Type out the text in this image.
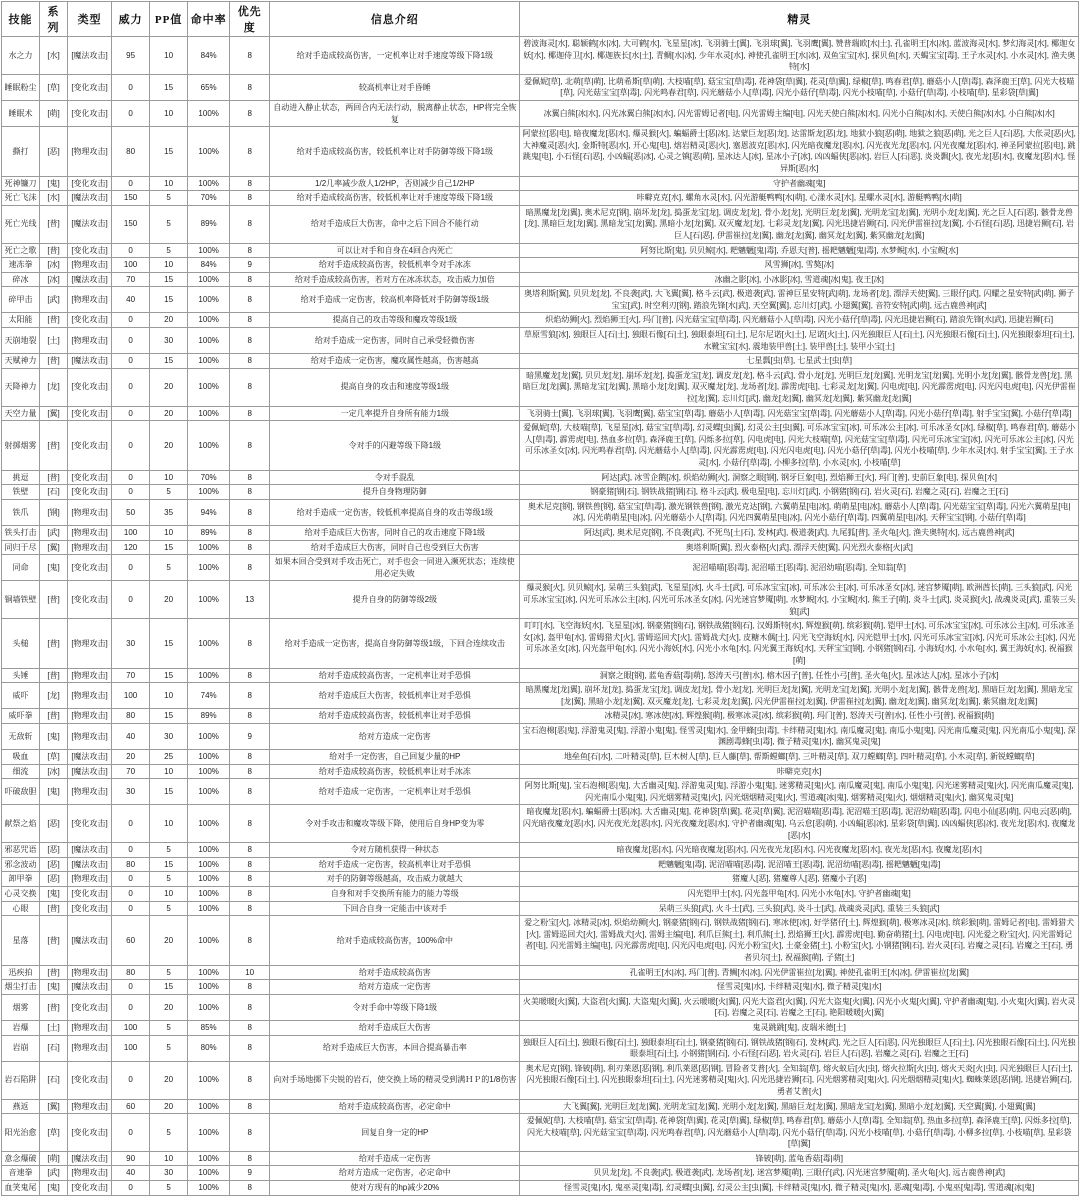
技能	系列	类型	威力	PP值	命中率	优先度	信息介绍	精灵
水之力	[水]	[魔法攻击]	95	10	84%	8	给对手造成较高伤害，一定机率让对手速度等级下降1级	碧波海灵[水], 聪颖鹤[水|冰], 大可鹤[水], 飞星星[冰], 飞羽骑士[翼], 飞羽球[翼], 飞羽鹰[翼], 赞普瑞欧[水|土], 孔雀明王[水|冰], 蓝波海灵[水], 梦幻海灵[水], 椰迦女妖[水], 椰迦侍卫[水], 椰迦族长[水|土], 青鲷[水|冰], 少年水灵[水], 神使孔雀明王[水|冰], 双鱼宝宝[水], 探贝鱼[水], 天蝎宝宝[毒], 王子水灵[水], 小水灵[水], 渔夫奥特[水]
睡眠粉尘	[草]	[变化攻击]	0	15	65%	8	较高机率让对手昏睡	爱佩妮[草], 北萌[草|萌], 比萌希斯[草|萌], 大枝喵[草], 菇宝宝[草|毒], 花神袋[草|翼], 花灵[草|翼], 绿椒[草], 鸣春君[草], 蘑菇小人[草|毒], 森泽鹿王[草], 闪光大枝喵[草], 闪光菇宝宝[草|毒], 闪光鸣春君[草], 闪光蘑菇小人[草|毒], 闪光小菇仔[草|毒], 闪光小枝喵[草], 小菇仔[草|毒], 小枝喵[草], 星彩袋[草|翼]
睡眠术	[萌]	[变化攻击]	0	10	100%	8	自动进入静止状态，两回合内无法行动，脱离静止状态，HP将完全恢复	冰翼白熊[冰|水], 闪光冰翼白熊[冰|水], 闪光雷姆记者[电], 闪光雷姆主编[电], 闪光天使白熊[冰|水], 闪光小白熊[冰|水], 天使白熊[冰|水], 小白熊[冰|水]
撕打	[恶]	[物理攻击]	80	15	100%	8	给对手造成较高伤害，较低机率让对手防御等级下降1级	阿蒙拉[恶|电], 暗夜魔龙[恶|水], 爆灵猴[火], 蝙蝠爵士[恶|冰], 达蒙巨龙[恶|龙], 达雷斯龙[恶|龙], 地狱小狼[恶|萌], 地狱之狼[恶|萌], 光之巨人[石|恶], 大伥灵[恶|火], 大神魔灵[恶|火], 金斯特[恶|水], 开心鬼[电], 熔岩精灵[恶|火], 塞恩波克[恶|水], 闪光暗夜魔龙[恶|水], 闪光夜光龙[恶|水], 闪光夜魔龙[恶|水], 神圣阿蒙拉[恶|电], 跳跳鬼[电], 小石怪[石|恶], 小凶蝠[恶|冰], 心灵之镇[恶|萌], 星冰达人[冰], 星冰小子[冰], 凶凶蝠侠[恶|冰], 岩巨人[石|恶], 炎炎飘[火], 夜光龙[恶|水], 夜魔龙[恶|水], 怪异斯[恶|水]
死神镰刀	[鬼]	[变化攻击]	0	10	100%	8	1/2几率减少敌人1/2HP，否则减少自己1/2HP	守护者幽魂[鬼]
死亡飞沫	[水]	[魔法攻击]	150	5	70%	8	给对手造成较高伤害，较低机率让对手速度等级下降1级	咔噼克克[水], 螺角水灵[水], 闪光游艇鸭鸭[水|萌], 心漾水灵[水], 星螺水灵[水], 游艇鸭鸭[水|萌]
死亡光线	[普]	[魔法攻击]	150	5	89%	8	给对手造成巨大伤害，命中之后下回合不能行动	暗黑魔龙[龙|翼], 奥术尼克[钢], 崩坏龙[龙], 捣蛋龙宝[龙], 调皮龙[龙], 骨小龙[龙], 光明巨龙[龙|翼], 光明龙宝[龙|翼], 光明小龙[龙|翼], 光之巨人[石|恶], 骸骨龙兽[龙], 黑暗巨龙[龙|翼], 黑暗龙宝[龙|翼], 黑暗小龙[龙|翼], 双灭魔龙[龙], 七彩灵龙[龙|翼], 闪光迅捷岩狮[石], 闪光伊雷崔拉[龙|翼], 小石怪[石|恶], 迅捷岩狮[石], 岩巨人[石|恶], 伊雷崔拉[龙|翼], 幽龙[龙|翼], 幽冥龙[龙|翼], 紫冥幽龙[龙|翼]
死亡之歌	[普]	[变化攻击]	0	5	100%	8	可以让对手和自身在4回合内死亡	阿努比斯[鬼], 贝贝鲸[水], 耙魑魉[鬼|毒], 乔恩夫[普], 摇耙魑魉[鬼|毒], 水梦鲵[水], 小宝鲵[水]
速冻拳	[冰]	[物理攻击]	100	10	84%	9	给对手造成较高伤害，较低机率令对手冰冻	风雪狮[冰], 雪獒[冰]
碎冰	[冰]	[魔法攻击]	70	15	100%	8	给对手造成较高伤害，若对方在冰冻状态，攻击威力加倍	冰幽之影[冰], 小冰影[冰], 雪道魂[冰|鬼], 夜王[冰]
碎甲击	[武]	[物理攻击]	40	15	100%	8	给对手造成一定伤害，较高机率降低对手防御等级1级	奥塔利斯[翼], 贝贝龙[龙], 不良袭[武], 大飞翼[翼], 格斗云[武], 极道袭[武], 雷神巨星安特[武|萌], 龙场者[龙], 漂浮天使[翼], 三眼仔[武], 闪耀之星安特[武|萌], 狮子宝宝[武], 时空利刃[钢], 踏浪先锋[水|武], 天空翼[翼], 忘川灯[武], 小翅翼[翼], 音符安特[武|萌], 远古鹿兽神[武]
太阳能	[普]	[变化攻击]	0	20	100%	8	提高自己的攻击等级和魔攻等级1级	炽焰幼狮[火], 烈焰狮王[火], 玛门[普], 闪光菇宝宝[草|毒], 闪光蘑菇小人[草|毒], 闪光小菇仔[草|毒], 闪光迅捷岩狮[石], 踏浪先锋[水|武], 迅捷岩狮[石]
天崩地裂	[土]	[物理攻击]	0	30	100%	8	给对手造成一定伤害，同时自己承受轻微伤害	草原雪狼[冰], 独眼巨人[石|土], 独眼石像[石|土], 独眼泰坦[石|土], 尼尔尼诺[火|土], 尼诺[火|土], 闪光独眼巨人[石|土], 闪光独眼石像[石|土], 闪光独眼泰坦[石|土], 水靴宝宝[水], 震地装甲兽[土], 装甲兽[土], 装甲小宝[土]
天赋神力	[普]	[魔法攻击]	0	15	100%	8	给对手造成一定伤害，魔攻属性越高，伤害越高	七星瓢[虫|草], 七星武士[虫|草]
天降神力	[龙]	[变化攻击]	0	20	100%	8	提高自身的攻击和速度等级1级	暗黑魔龙[龙|翼], 贝贝龙[龙], 崩坏龙[龙], 捣蛋龙宝[龙], 调皮龙[龙], 格斗云[武], 骨小龙[龙], 光明巨龙[龙|翼], 光明龙宝[龙|翼], 光明小龙[龙|翼], 骸骨龙兽[龙], 黑暗巨龙[龙|翼], 黑暗龙宝[龙|翼], 黑暗小龙[龙|翼], 双灭魔龙[龙], 龙场者[龙], 霹雳虎[电], 七彩灵龙[龙|翼], 闪电虎[电], 闪光霹雳虎[电], 闪光闪电虎[电], 闪光伊雷崔拉[龙|翼], 忘川灯[武], 幽龙[龙|翼], 幽冥龙[龙|翼], 紫冥幽龙[龙|翼]
天空力量	[翼]	[变化攻击]	0	20	100%	8	一定几率提升自身所有能力1级	飞羽骑士[翼], 飞羽球[翼], 飞羽鹰[翼], 菇宝宝[草|毒], 蘑菇小人[草|毒], 闪光菇宝宝[草|毒], 闪光蘑菇小人[草|毒], 闪光小菇仔[草|毒], 射手宝宝[翼], 小菇仔[草|毒]
射掷烟雾	[普]	[变化攻击]	0	20	100%	8	令对手的闪避等级下降1级	爱佩妮[草], 大枝喵[草], 飞星星[冰], 菇宝宝[草|毒], 幻灵蝶[虫|翼], 幻灵公主[虫|翼], 可乐冰宝宝[冰], 可乐冰公主[冰], 可乐冰圣女[冰], 绿椒[草], 鸣春君[草], 蘑菇小人[草|毒], 霹雳虎[电], 热血多拉[草], 森泽鹿王[草], 闪烁多拉[草], 闪电虎[电], 闪光大枝喵[草], 闪光菇宝宝[草|毒], 闪光可乐冰宝宝[冰], 闪光可乐冰公主[冰], 闪光可乐冰圣女[冰], 闪光鸣春君[草], 闪光蘑菇小人[草|毒], 闪光霹雳虎[电], 闪光闪电虎[电], 闪光小菇仔[草|毒], 闪光小枝喵[草], 少年水灵[水], 射手宝宝[翼], 王子水灵[水], 小菇仔[草|毒], 小柳多拉[草], 小水灵[水], 小枝喵[草]
挑逗	[普]	[变化攻击]	0	10	70%	8	令对手混乱	阿达[武], 冰雪企鹅[冰], 炽焰幼狮[火], 洞察之眼[钢], 钢牙巨象[电], 烈焰狮王[火], 玛门[普], 史前巨象[电], 探贝鱼[水]
铁壁	[石]	[变化攻击]	0	5	100%	8	提升自身物理防御	钢豪猪[钢|石], 钢铁战猪[钢|石], 格斗云[武], 极电星[电], 忘川灯[武], 小钢猪[钢|石], 岩火灵[石], 岩魔之灵[石], 岩魔之王[石]
铁爪	[钢]	[物理攻击]	50	35	94%	8	给对手造成一定伤害，较低机率提高自身的攻击等级1级	奥术尼克[钢], 钢铁兽[钢], 菇宝宝[草|毒], 激光钢铁兽[钢], 激光克达[钢], 六翼萌星[电|冰], 萌萌星[电|冰], 蘑菇小人[草|毒], 闪光菇宝宝[草|毒], 闪光六翼萌星[电|冰], 闪光萌萌星[电|冰], 闪光蘑菇小人[草|毒], 闪光四翼萌星[电|冰], 闪光小菇仔[草|毒], 四翼萌星[电|冰], 天秤宝宝[钢], 小菇仔[草|毒]
铁头打击	[武]	[物理攻击]	100	10	89%	8	给对手造成巨大伤害，同时自己的攻击速度下降1级	阿达[武], 奥术尼克[钢], 不良袭[武], 不死鸟[土|石], 发林[武], 极道袭[武], 九尾狐[普], 圣火龟[火], 渔夫奥特[水], 远古鹿兽神[武]
同归于尽	[翼]	[物理攻击]	120	15	100%	8	给对手造成巨大伤害，同时自己也受到巨大伤害	奥塔利斯[翼], 烈火泰格[火|武], 漂浮天使[翼], 闪光烈火泰格[火|武]
同命	[鬼]	[变化攻击]	0	5	100%	8	如果本回合受到对手攻击死亡，对手也会一同进入濒死状态；连续使用必定失败	泥沼喵喵[恶|毒], 泥沼喵王[恶|毒], 泥沼幼喵[恶|毒], 全知翁[草]
铜墙铁壁	[普]	[变化攻击]	0	20	100%	13	提升自身的防御等级2级	爆灵猴[火], 贝贝鲸[水], 呆萌三头狼[武], 飞星星[冰], 火斗士[武], 可乐冰宝宝[冰], 可乐冰公主[冰], 可乐冰圣女[冰], 迷宫梦魇[萌], 欧洲酋长[萌], 三头狼[武], 闪光可乐冰宝宝[冰], 闪光可乐冰公主[冰], 闪光可乐冰圣女[冰], 闪光迷宫梦魇[萌], 水梦鲵[水], 小宝鲵[水], 熊王子[萌], 炎斗士[武], 炎灵猴[火], 战魂炎灵[武], 重装三头狼[武]
头槌	[普]	[物理攻击]	30	15	100%	8	给对手造成一定伤害，提高自身防御等级1级，下回合连续攻击	叮叮[水], 飞空海妖[水], 飞星星[冰], 钢豪猪[钢|石], 钢铁战猪[钢|石], 汉姆斯特[水], 辉煌猴[萌], 缤彩猴[萌], 铠甲士[水], 可乐冰宝宝[冰], 可乐冰公主[冰], 可乐冰圣女[冰], 盔甲龟[水], 雷姆猎犬[火], 雷姆巡回犬[火], 雷姆战犬[火], 皮糖木偶[土], 闪光飞空海妖[水], 闪光铠甲士[水], 闪光可乐冰宝宝[冰], 闪光可乐冰公主[冰], 闪光可乐冰圣女[冰], 闪光盔甲龟[水], 闪光小海妖[水], 闪光小水龟[水], 闪光翼王海妖[水], 天秤宝宝[钢], 小钢猪[钢|石], 小海妖[水], 小水龟[水], 翼王海妖[水], 祝福猴[萌]
头锤	[普]	[物理攻击]	70	15	100%	8	给对手造成较高伤害，一定机率让对手恐惧	洞察之眼[钢], 蓝龟香菇[毒|萌], 怒涛天弓[普|水], 榕木因子[普], 任性小弓[普], 圣火龟[火], 星冰达人[冰], 星冰小子[冰]
威吓	[龙]	[物理攻击]	100	10	74%	8	给对手造成巨大伤害，较低机率让对手恐惧	暗黑魔龙[龙|翼], 崩坏龙[龙], 捣蛋龙宝[龙], 调皮龙[龙], 骨小龙[龙], 光明巨龙[龙|翼], 光明龙宝[龙|翼], 光明小龙[龙|翼], 骸骨龙兽[龙], 黑暗巨龙[龙|翼], 黑暗龙宝[龙|翼], 黑暗小龙[龙|翼], 双灭魔龙[龙], 七彩灵龙[龙|翼], 闪光伊雷崔拉[龙|翼], 伊雷崔拉[龙|翼], 幽龙[龙|翼], 幽冥龙[龙|翼], 紫冥幽龙[龙|翼]
威吓拳	[普]	[物理攻击]	80	15	89%	8	给对手造成较高伤害，较低机率让对手恐惧	冰精灵[冰], 寒冰使[冰], 辉煌猴[萌], 极寒冰灵[冰], 缤彩猴[萌], 玛门[普], 怒涛天弓[普|水], 任性小弓[普], 祝福猴[萌]
无敌斩	[鬼]	[物理攻击]	40	30	100%	9	给对方造成一定伤害	宝石泡棉[恶|鬼], 浮游鬼灵[鬼], 浮游小鬼[鬼], 怪雪灵[鬼|水], 金甲蜂[虫|毒], 卡绊精灵[鬼|水], 南瓜魔灵[鬼], 南瓜小鬼[鬼], 闪光南瓜魔灵[鬼], 闪光南瓜小鬼[鬼], 深渊剧毒蜂[虫|毒], 微子精灵[鬼|水], 幽冥鬼灵[鬼]
吸血	[草]	[魔法攻击]	20	25	100%	8	给对手一定伤害，自己回复少量的HP	地垒鱼[石|水], 二叶精灵[草], 巨木树人[草], 巨人藤[草], 帮斯螳螂[草], 三叶精灵[草], 双刀螳螂[草], 四叶精灵[草], 小木灵[草], 新锐螳螂[草]
细流	[冰]	[魔法攻击]	70	10	100%	8	给对手造成较高伤害，较低机率让对手冰冻	咔噼克克[水]
吓破敌胆	[鬼]	[物理攻击]	30	15	100%	8	给对手造成一定伤害，一定机率让对手恐惧	阿努比斯[鬼], 宝石泡棉[恶|鬼], 大舌幽灵[鬼], 浮游鬼灵[鬼], 浮游小鬼[鬼], 迷雾精灵[鬼|火], 南瓜魔灵[鬼], 南瓜小鬼[鬼], 闪光迷雾精灵[鬼|火], 闪光南瓜魔灵[鬼], 闪光南瓜小鬼[鬼], 闪光烟雾精灵[鬼|火], 闪光烟烟精灵[鬼|火], 雪道魂[冰|鬼], 烟雾精灵[鬼|火], 烟烟精灵[鬼|火], 幽冥鬼灵[鬼]
献祭之焰	[恶]	[变化攻击]	0	10	100%	8	令对手攻击和魔攻等级下降，使用后自身HP变为零	暗夜魔龙[恶|水], 蝙蝠爵士[恶|冰], 大舌幽灵[鬼], 花神袋[草|翼], 花灵[草|翼], 泥沼喵喵[恶|毒], 泥沼喵王[恶|毒], 泥沼幼喵[恶|毒], 闪电小仙[恶|萌], 闪电云[恶|萌], 闪光暗夜魔龙[恶|水], 闪光夜光龙[恶|水], 闪光夜魔龙[恶|水], 守护者幽魂[鬼], 乌云怠[恶|萌], 小凶蝠[恶|冰], 星彩袋[草|翼], 凶凶蝠侠[恶|冰], 夜光龙[恶|水], 夜魔龙[恶|水]
邪恶咒语	[恶]	[魔法攻击]	0	5	100%	8	令对方随机获得一种状态	暗夜魔龙[恶|水], 闪光暗夜魔龙[恶|水], 闪光夜光龙[恶|水], 闪光夜魔龙[恶|水], 夜光龙[恶|水], 夜魔龙[恶|水]
邪念波动	[恶]	[魔法攻击]	80	15	100%	8	给对手造成一定伤害，较高机率让对手恐惧	耙魑魉[鬼|毒], 泥沼喵喵[恶|毒], 泥沼喵王[恶|毒], 泥沼幼喵[恶|毒], 摇耙魑魉[鬼|毒]
卸甲拳	[恶]	[物理攻击]	0	5	100%	8	对手的防御等级越高，攻击威力就越大	猪魔人[恶], 猪魔尊人[恶], 猪魔小子[恶]
心灵交换	[鬼]	[变化攻击]	0	10	100%	8	自身和对手交换所有能力的能力等级	闪光铠甲士[水], 闪光盔甲龟[水], 闪光小水龟[水], 守护者幽魂[鬼]
心眼	[普]	[变化攻击]	0	5	100%	8	下回合自身一定能击中该对手	呆萌三头狼[武], 火斗士[武], 三头狼[武], 炎斗士[武], 战魂炎灵[武], 重装三头狼[武]
星落	[普]	[魔法攻击]	60	20	100%	8	给对手造成较高伤害，100%命中	爱之粉宝[火], 冰精灵[冰], 炽焰幼狮[火], 钢豪猪[钢|石], 钢铁战猪[钢|石], 寒冰使[冰], 好学猪仔[土], 辉煌猴[萌], 极寒冰灵[冰], 缤彩猴[萌], 雷姆记者[电], 雷姆猎犬[火], 雷姆巡回犬[火], 雷姆战犬[火], 雷姆主编[电], 利爪巨熊[土], 利爪熊[土], 烈焰狮王[火], 霹雳虎[电], 勤奋萌猪[土], 闪电虎[电], 闪光爱之粉宝[火], 闪光雷姆记者[电], 闪光雷姆主编[电], 闪光霹雳虎[电], 闪光闪电虎[电], 闪光小粉宝[火], 土豪金猪[土], 小粉宝[火], 小钢猪[钢|石], 岩火灵[石], 岩魔之灵[石], 岩魔之王[石], 勇者贝尔[土], 祝福猴[萌], 子猪[土]
迅疾拍	[普]	[物理攻击]	80	5	100%	10	给对手造成较高伤害	孔雀明王[水|冰], 玛门[普], 青鲷[水|冰], 闪光伊雷崔拉[龙|翼], 神使孔雀明王[水|冰], 伊雷崔拉[龙|翼]
烟尘打击	[鬼]	[魔法攻击]	0	15	100%	8	给对方造成一定伤害	怪雪灵[鬼|水], 卡绊精灵[鬼|水], 微子精灵[鬼|水]
烟雾	[普]	[变化攻击]	0	20	100%	8	令对手命中等级下降1级	火美暖暖[火|翼], 大盗君[火|翼], 大盗鬼[火|翼], 火云暖暖[火|翼], 闪光大盗君[火|翼], 闪光大盗鬼[火|翼], 闪光小火鬼[火|翼], 守护者幽魂[鬼], 小火鬼[火|翼], 岩火灵[石], 岩魔之灵[石], 岩魔之王[石], 艳阳暖暖[火|翼]
岩爆	[土]	[物理攻击]	100	5	85%	8	给对手造成巨大伤害	鬼灵跳跳[鬼], 皮瑞米德[土]
岩崩	[石]	[物理攻击]	100	5	80%	8	给对手造成巨大伤害，本回合提高暴击率	独眼巨人[石|土], 独眼石像[石|土], 独眼泰坦[石|土], 钢豪猪[钢|石], 钢铁战猪[钢|石], 发林[武], 光之巨人[石|恶], 闪光独眼巨人[石|土], 闪光独眼石像[石|土], 闪光独眼泰坦[石|土], 小钢猪[钢|石], 小石怪[石|恶], 岩火灵[石], 岩巨人[石|恶], 岩魔之灵[石], 岩魔之王[石]
岩石陷阱	[石]	[变化攻击]	0	20	100%	8	向对手场地掷下尖锐的岩石，使交换上场的精灵受到满ＨＰ的1/8伤害	奥术尼克[钢], 锋铍[萌], 利刃莱恩[恶|钢], 利爪莱恩[恶|钢], 冒险者艾普[火], 全知翁[草], 熔火蚁后[火|虫], 熔火拉斯[火|虫], 熔火天炎[火|虫], 闪光独眼巨人[石|土], 闪光独眼石像[石|土], 闪光独眼泰坦[石|土], 闪光迷雾精灵[鬼|火], 闪光迅捷岩狮[石], 闪光烟雾精灵[鬼|火], 闪光烟烟精灵[鬼|火], 蜘蛛莱恩[恶|钢], 迅捷岩狮[石], 勇者艾普[火]
燕返	[翼]	[物理攻击]	60	20	100%	8	给对手造成较高伤害，必定命中	大飞翼[翼], 光明巨龙[龙|翼], 光明龙宝[龙|翼], 光明小龙[龙|翼], 黑暗巨龙[龙|翼], 黑暗龙宝[龙|翼], 黑暗小龙[龙|翼], 天空翼[翼], 小翅翼[翼]
阳光治愈	[草]	[变化攻击]	0	5	100%	8	回复自身一定的HP	爱佩妮[草], 大枝喵[草], 菇宝宝[草|毒], 花神袋[草|翼], 花灵[草|翼], 绿椒[草], 鸣春君[草], 蘑菇小人[草|毒], 全知翁[草], 热血多拉[草], 森泽鹿王[草], 闪烁多拉[草], 闪光大枝喵[草], 闪光菇宝宝[草|毒], 闪光鸣春君[草], 闪光蘑菇小人[草|毒], 闪光小菇仔[草|毒], 闪光小枝喵[草], 小菇仔[草|毒], 小柳多拉[草], 小枝喵[草], 星彩袋[草|翼]
意念爆破	[萌]	[魔法攻击]	90	10	100%	8	给对手造成一定伤害	锋铍[萌], 蓝龟香菇[毒|萌]
音速拳	[武]	[物理攻击]	40	30	100%	9	给对方造成一定伤害，必定命中	贝贝龙[龙], 不良袭[武], 极道袭[武], 龙场者[龙], 迷宫梦魇[萌], 三眼仔[武], 闪光迷宫梦魇[萌], 圣火龟[火], 远古鹿兽神[武]
血笑鬼尾	[鬼]	[变化攻击]	0	5	100%	8	使对方现有的hp减少20%	怪雪灵[鬼|水], 鬼巫灵[鬼|毒], 幻灵蝶[虫|翼], 幻灵公主[虫|翼], 卡绊精灵[鬼|水], 微子精灵[鬼|水], 恶魂[鬼|毒], 小鬼巫[鬼|毒], 雪道魂[冰|鬼]
